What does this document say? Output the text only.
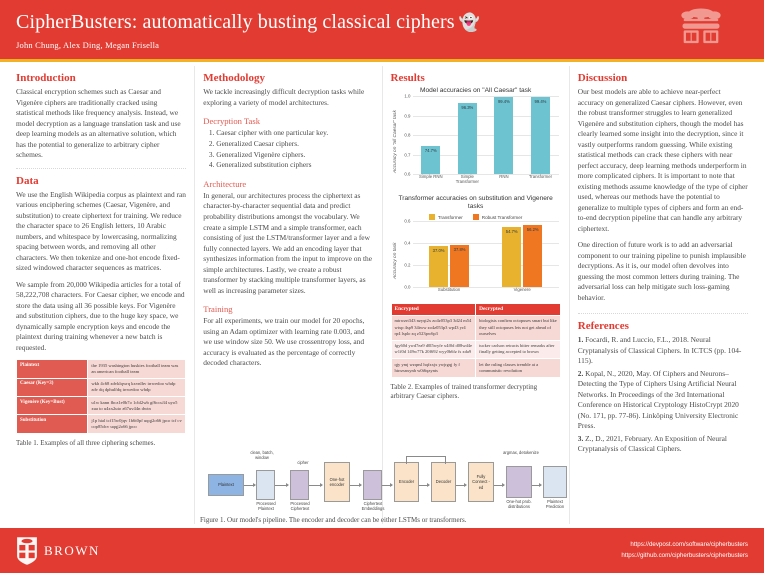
CipherBusters: automatically busting classical ciphers 👻
John Chung, Alex Ding, Megan Frisella
Introduction

Classical encryption schemes such as Caesar and Vigenère ciphers are traditionally cracked using statistical methods like frequency analysis. Instead, we model decryption as a language translation task and use deep learning models as an alternative solution, which has the potential to generalize to arbitrary cipher schemes.

Data

We use the English Wikipedia corpus as plaintext and ran various enciphering schemes (Caesar, Vigenère, and substitution) to create ciphertext for training. We reduce the character space to 26 English letters, 10 Arabic numbers, and whitespace by lowercasing, normalizing spacing between words, and removing all other characters. We then tokenize and one-hot encode fixed-sized windowed character sequences as matrices.

We sample from 20,000 Wikipedia articles for a total of 58,222,708 characters. For Caesar cipher, we encode and store the data using all 36 possible keys. For Vigenère and substitution ciphers, due to the huge key space, we dynamically sample encryption keys and encode the plaintext during training whenever a new batch is requested.

Plaintext	the 1935 washington huskies football team was an american football team
Caesar (Key=3)	wkh 4c68 zdvklqwrq kxvnlhv irrwedoo whdp zdv dq dphulfdq irrwedoo whdp
Vigenère (Key=Bust)	u1w kann fbcz1e0b7o 1cbl2wb gf6ccu34 uyo5 xua to u4xx2uto z67uv44n dwtn
Substitution	j1p hial tcf15w0jqv 1b6t0pf uqqj2o66 jpco tcf cv cop85dcv uqqj2o66 jpco
Table 1. Examples of all three ciphering schemes.
Methodology

We tackle increasingly difficult decryption tasks while exploring a variety of model architectures.

Decryption Task
1. Caesar cipher with one particular key.
2. Generalized Caesar ciphers.
3. Generalized Vigenère ciphers.
4. Generalized substitution ciphers
Architecture

In general, our architectures process the ciphertext as character-by-character sequential data and predict probability distributions amongst the vocabulary. We create a simple LSTM and a simple transformer, each consisting of just the LSTM/transformer layer and a few fully connected layers. We add an encoding layer that synthesizes information from the input to improve on the simple architectures. Lastly, we create a robust transformer by stacking multiple transformer layers, as well as increasing parameter sizes.

Training

For all experiments, we train our model for 20 epochs, using an Adam optimizer with learning rate 0.003, and we use window size 50. We use crossentropy loss, and accuracy is evaluated as the percentage of correctly decoded characters.

Results
Model accuracies on "All Caesar" task
Accuracy on "all Caesar" task
1.0
0.9
0.8
0.7
0.6
74.7%
96.3%
99.4%	99.4%
Simple RNN	Simple Transformer
RNN	Transformer
Transformer accuracies on substitution and Vigenere tasks
Transformer	Robust Transformer
Accuracy on task
0.6
0.4
0.2
0.0
37.0%	37.8%
54.7%	56.2%
Substitution	Vigenere
Encrypted	Decrypted
mtrwzrt343 nzyqt2x zo4z053p3 3d24 m54 wtxp 4sp9 34tww zo4z053p3 wp43 yr4 rp4 lsplo zq z523pw6p3	biologists confirm octopuses smart but like they still octopuses lets not get ahead of ourselves
fgy60d ywd7ea9 d0l5wyfe x4f0d d08wd4e w1f0d 149w77k 20f692 wyy0b6fz fs xda9	tucker carlson retracts bitter remarks after finally getting accepted to brown
qjy ymj wzqnsl hqfxxjx ywjrgqj fy f htrrzsnxynh w0t6qzynts	let the ruling classes tremble at a communistic revolution
Table 2. Examples of trained transformer decrypting arbitrary Caesar ciphers.
Discussion

Our best models are able to achieve near-perfect accuracy on generalized Caesar ciphers. However, even the robust transformer struggles to learn generalized Vigenère and substitution ciphers, though the model has clearly learned some insight into the decryption, since it vastly outperforms random guessing. While existing statistical methods can crack these ciphers with near perfect accuracy, deep learning methods underperform in more complicated ciphers. It is important to note that existing methods assume knowledge of the type of cipher used, whereas our methods have the potential to generalize to multiple types of ciphers and form an end-to-end decryption pipeline that can handle any arbitrary ciphertext.

One direction of future work is to add an adversarial component to our training pipeline to punish implausible decryptions. As it is, our model often devolves into guessing the most common letters during training. The adversarial loss can help mitigate such loss-gaming behavior.

References

1. Focardi, R. and Luccio, F.L., 2018. Neural Cryptanalysis of Classical Ciphers. In ICTCS (pp. 104-115).

2. Kopal, N., 2020, May. Of Ciphers and Neurons–Detecting the Type of Ciphers Using Artificial Neural Networks. In Proceedings of the 3rd International Conference on Historical Cryptology HistoCrypt 2020 (No. 171, pp. 77-86). Linköping University Electronic Press.

3. Z., D., 2021, February. An Exposition of Neural Cryptanalysis of Classical Ciphers.

clean, batch, window
cipher
argmax, detokenize
Plaintext
Processed Plaintext
Processed Ciphertext
One-hot encoder
Ciphertext Embeddings
Encoder	Decoder
Fully Connect -ed
One-hot prob. distributions
Plaintext Prediction
Figure 1. Our model's pipeline. The encoder and decoder can be either LSTMs or transformers.
BROWN	https://devpost.com/software/cipherbusters
https://github.com/cipherbusters/cipherbusters
